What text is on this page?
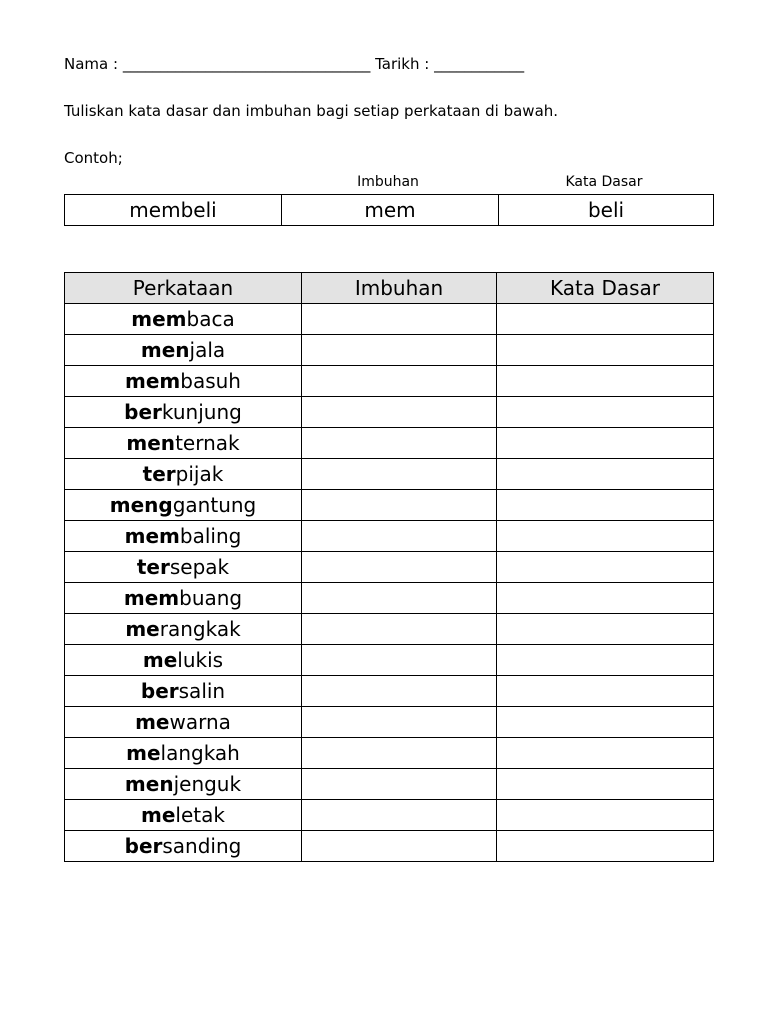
Nama : _________________________________ Tarikh : ____________
Tuliskan kata dasar dan imbuhan bagi setiap perkataan di bawah.
Contoh;
Imbuhan	Kata Dasar
membeli	mem	beli
Perkataan	Imbuhan	Kata Dasar
membaca		
menjala		
membasuh		
berkunjung		
menternak		
terpijak		
menggantung		
membaling		
tersepak		
membuang		
merangkak		
melukis		
bersalin		
mewarna		
melangkah		
menjenguk		
meletak		
bersanding		
